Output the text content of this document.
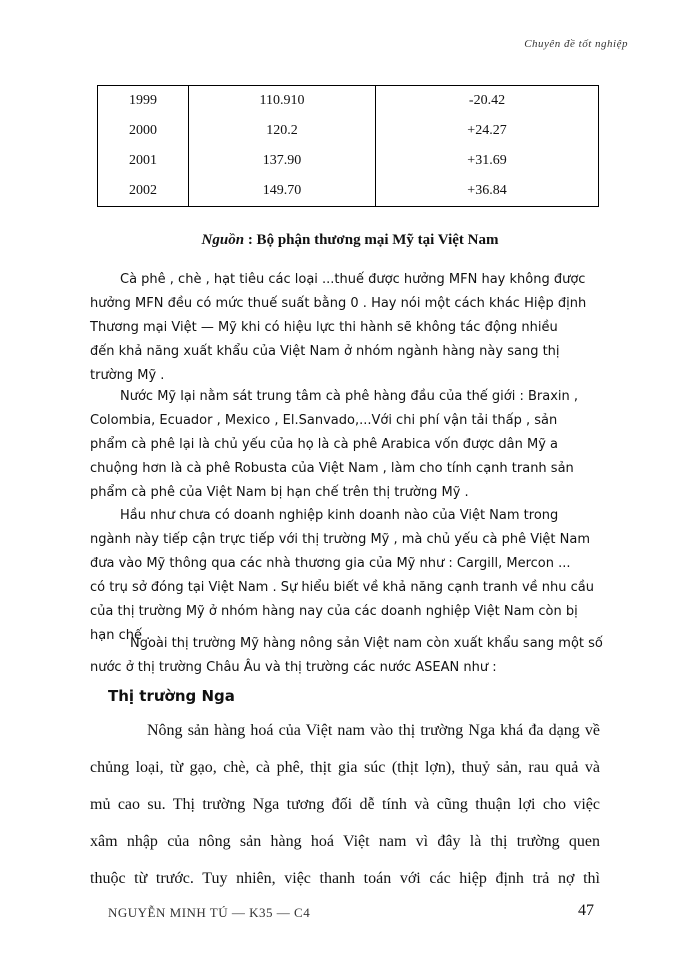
Chuyên đề tốt nghiệp
1999	110.910	-20.42
2000	120.2	+24.27
2001	137.90	+31.69
2002	149.70	+36.84
Nguồn : Bộ phận thương mại Mỹ tại Việt Nam

Cà phê , chè , hạt tiêu các loại ...thuế được hưởng MFN hay không được
hưởng MFN đều có mức thuế suất bằng 0 . Hay nói một cách khác Hiệp định
Thương mại Việt — Mỹ khi có hiệu lực thi hành sẽ không tác động nhiều
đến khả năng xuất khẩu của Việt Nam ở nhóm ngành hàng này sang thị
trường Mỹ .

Nước Mỹ lại nằm sát trung tâm cà phê hàng đầu của thế giới : Braxin ,
Colombia, Ecuador , Mexico , El.Sanvado,...Với chi phí vận tải thấp , sản
phẩm cà phê lại là chủ yếu của họ là cà phê Arabica vốn được dân Mỹ a
chuộng hơn là cà phê Robusta của Việt Nam , làm cho tính cạnh tranh sản
phẩm cà phê của Việt Nam bị hạn chế trên thị trường Mỹ .

Hầu như chưa có doanh nghiệp kinh doanh nào của Việt Nam trong
ngành này tiếp cận trực tiếp với thị trường Mỹ , mà chủ yếu cà phê Việt Nam
đưa vào Mỹ thông qua các nhà thương gia của Mỹ như : Cargill, Mercon ...
có trụ sở đóng tại Việt Nam . Sự hiểu biết về khả năng cạnh tranh về nhu cầu
của thị trường Mỹ ở nhóm hàng nay của các doanh nghiệp Việt Nam còn bị
hạn chế .

Ngoài thị trường Mỹ hàng nông sản Việt nam còn xuất khẩu sang một số
nước ở thị trường Châu Âu và thị trường các nước ASEAN như :

Thị trường Nga

Nông sản hàng hoá của Việt nam vào thị trường Nga khá đa dạng về
chủng loại, từ gạo, chè, cà phê, thịt gia súc (thịt lợn), thuỷ sản, rau quả và
mủ cao su. Thị trường Nga tương đối dễ tính và cũng thuận lợi cho việc
xâm nhập của nông sản hàng hoá Việt nam vì đây là thị trường quen
thuộc từ trước. Tuy nhiên, việc thanh toán với các hiệp định trả nợ thì

NGUYỄN MINH TÚ — K35 — C4	47
